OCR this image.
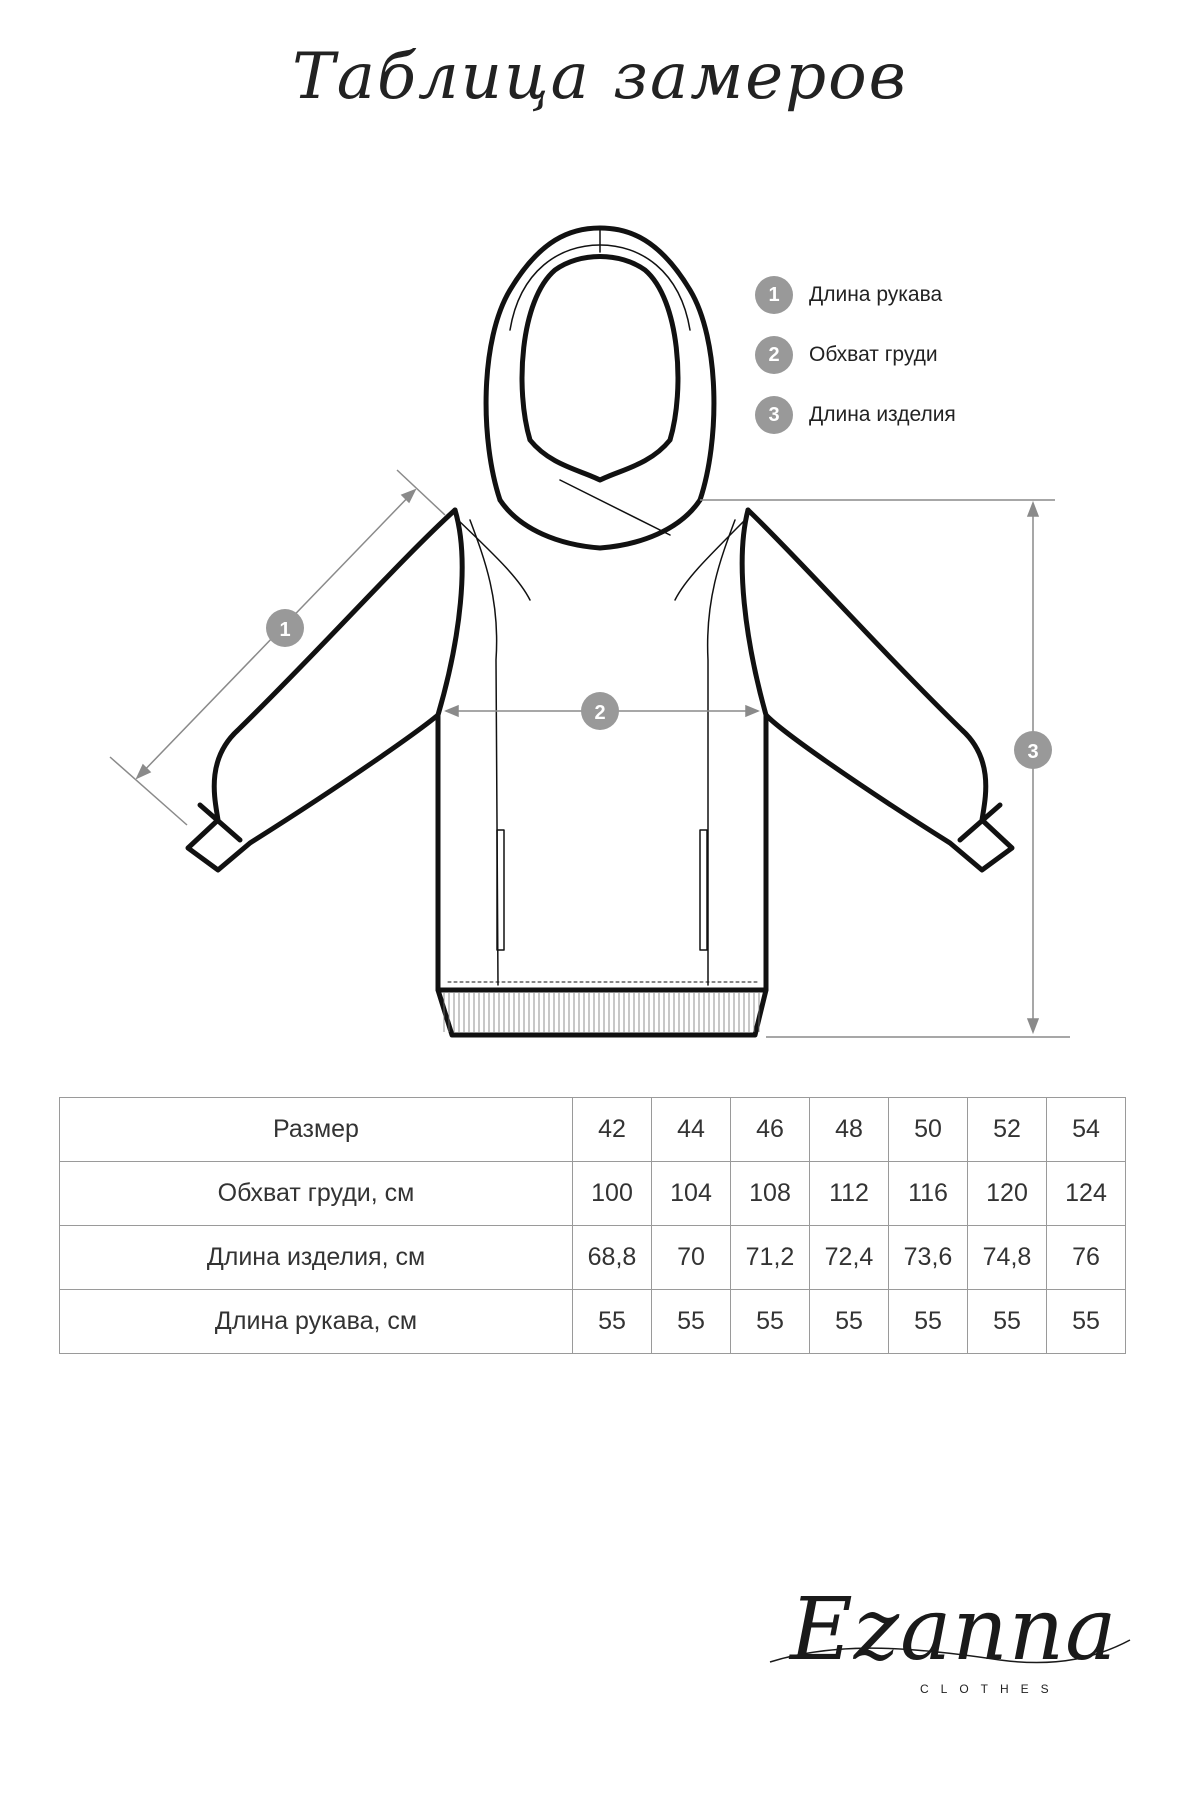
Таблица замеров
1
2
3
1	Длина рукава
2	Обхват груди
3	Длина изделия
Размер	42	44	46	48	50	52	54
Обхват груди, см	100	104	108	112	116	120	124
Длина изделия, см	68,8	70	71,2	72,4	73,6	74,8	76
Длина рукава, см	55	55	55	55	55	55	55
Ezanna
CLOTHES
